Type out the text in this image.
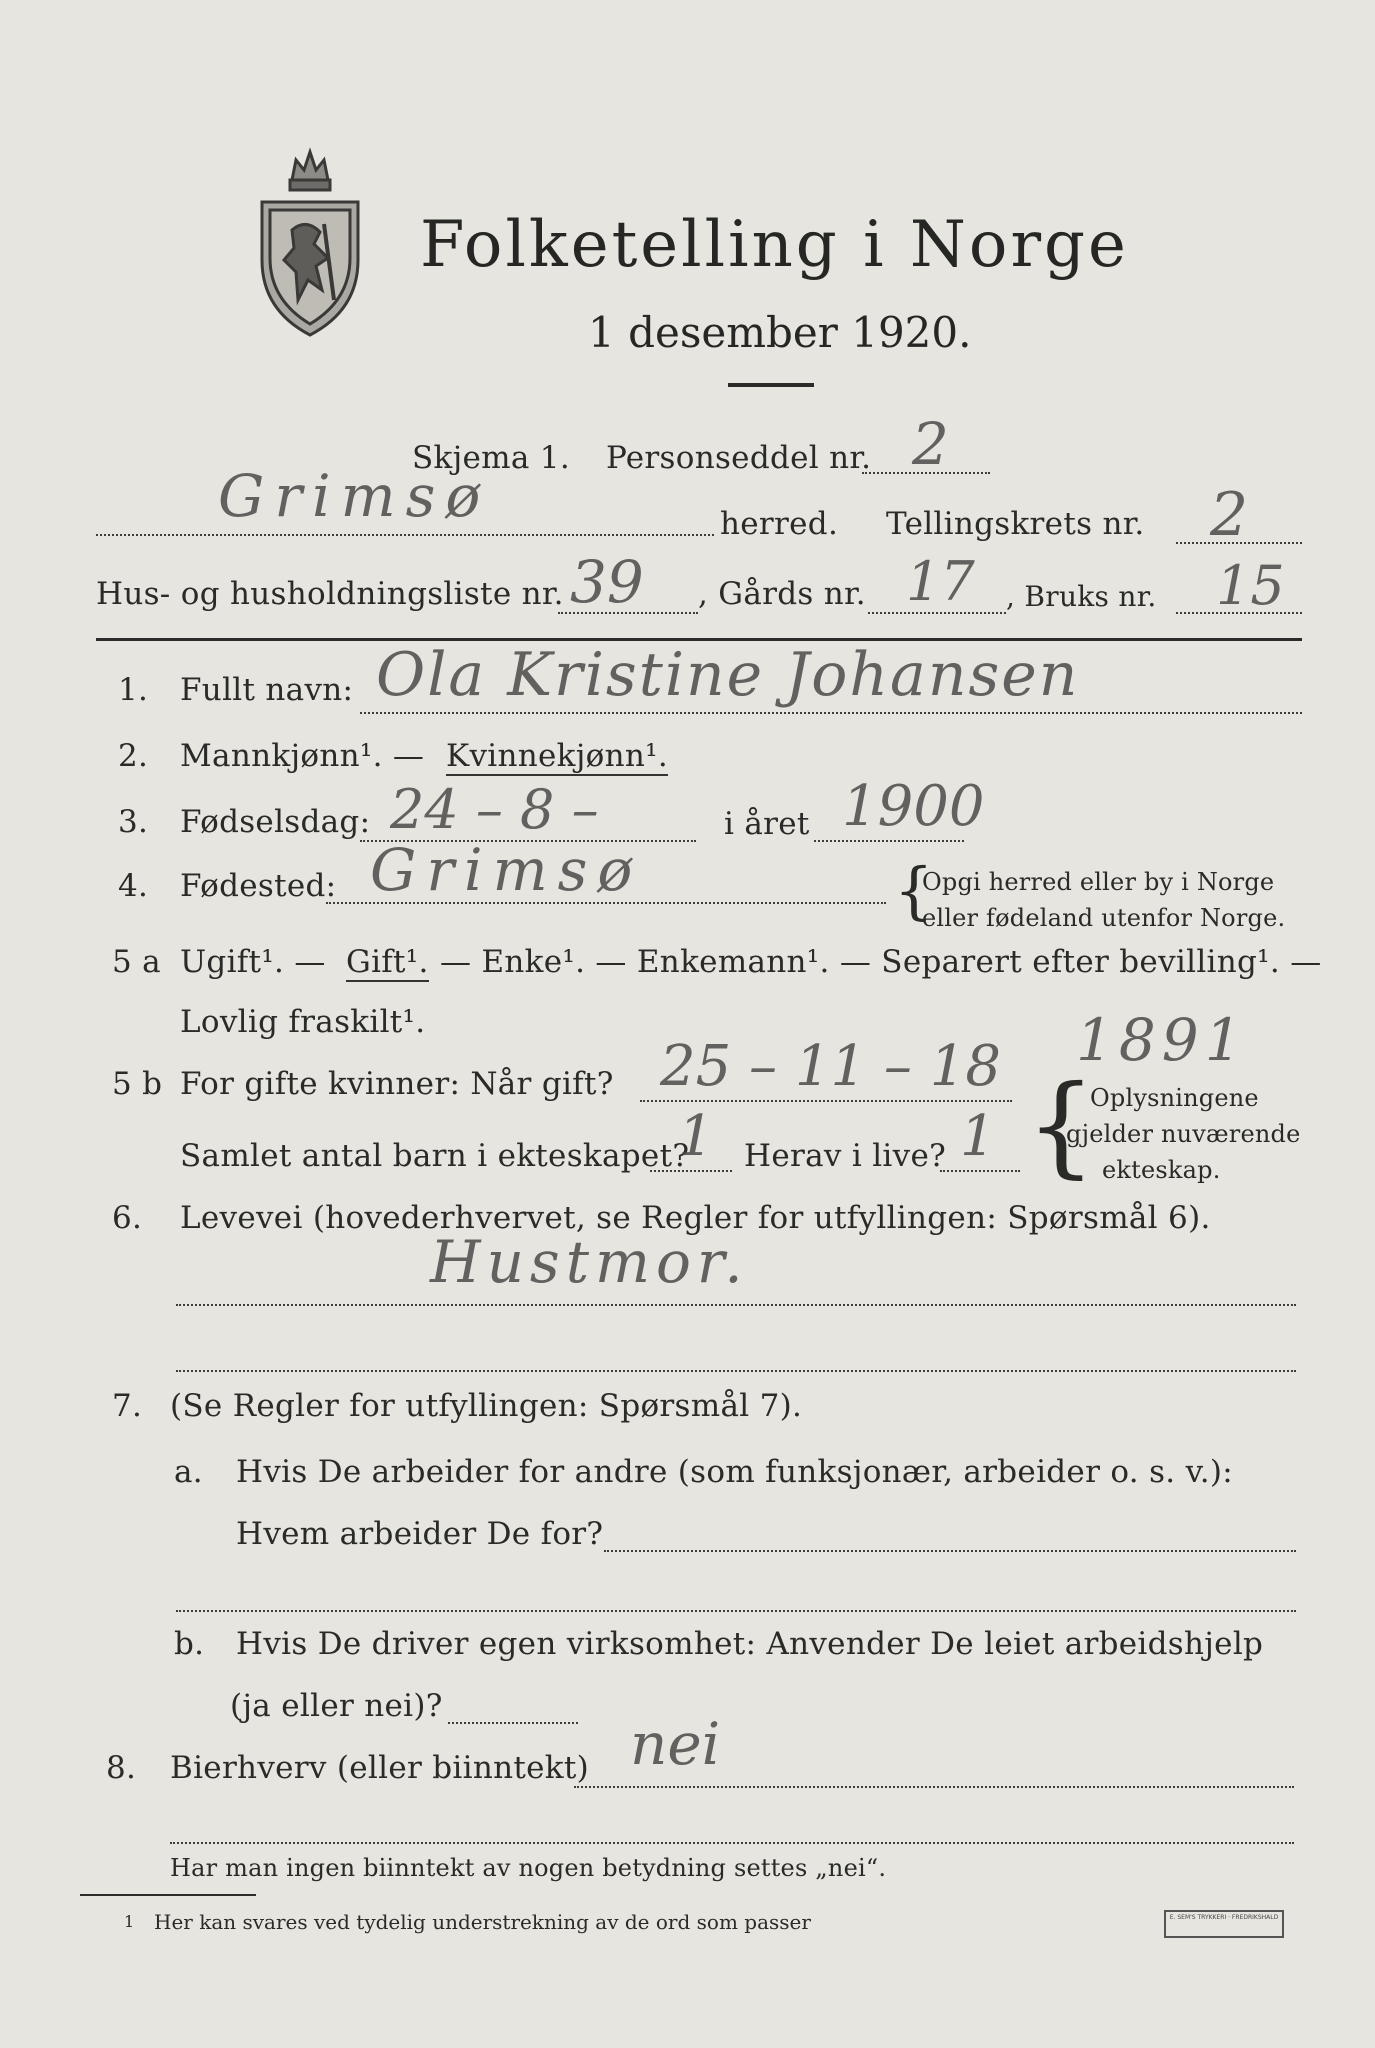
Folketelling i Norge
1 desember 1920.
Skjema 1. Personseddel nr. 2
Grimsø	herred. Tellingskrets nr. 2
Hus- og husholdningsliste nr. 39 , Gårds nr. 17 , Bruks nr. 15
1. Fullt navn: Ola Kristine Johansen
2. Mannkjønn¹. — Kvinnekjønn¹.
3. Fødselsdag: 24 – 8 –	i året 1900
4. Fødested: Grimsø	{
Opgi herred eller by i Norge
eller fødeland utenfor Norge.
5 a Ugift¹. — Gift¹. — Enke¹. — Enkemann¹. — Separert efter bevilling¹. —
Lovlig fraskilt¹.	1891
5 b For gifte kvinner: Når gift? 25 – 11 – 18
Samlet antal barn i ekteskapet?
1 Herav i live? 1 {
Oplysningene
gjelder nuværende
ekteskap.
6. Levevei (hovederhvervet, se Regler for utfyllingen: Spørsmål 6).
Hustmor.
7. (Se Regler for utfyllingen: Spørsmål 7).
a. Hvis De arbeider for andre (som funksjonær, arbeider o. s. v.):
Hvem arbeider De for?
b. Hvis De driver egen virksomhet: Anvender De leiet arbeidshjelp
(ja eller nei)?
8. Bierhverv (eller biinntekt) nei
Har man ingen biinntekt av nogen betydning settes „nei“.
1 Her kan svares ved tydelig understrekning av de ord som passer	E. SEM'S TRYKKERI · FREDRIKSHALD
